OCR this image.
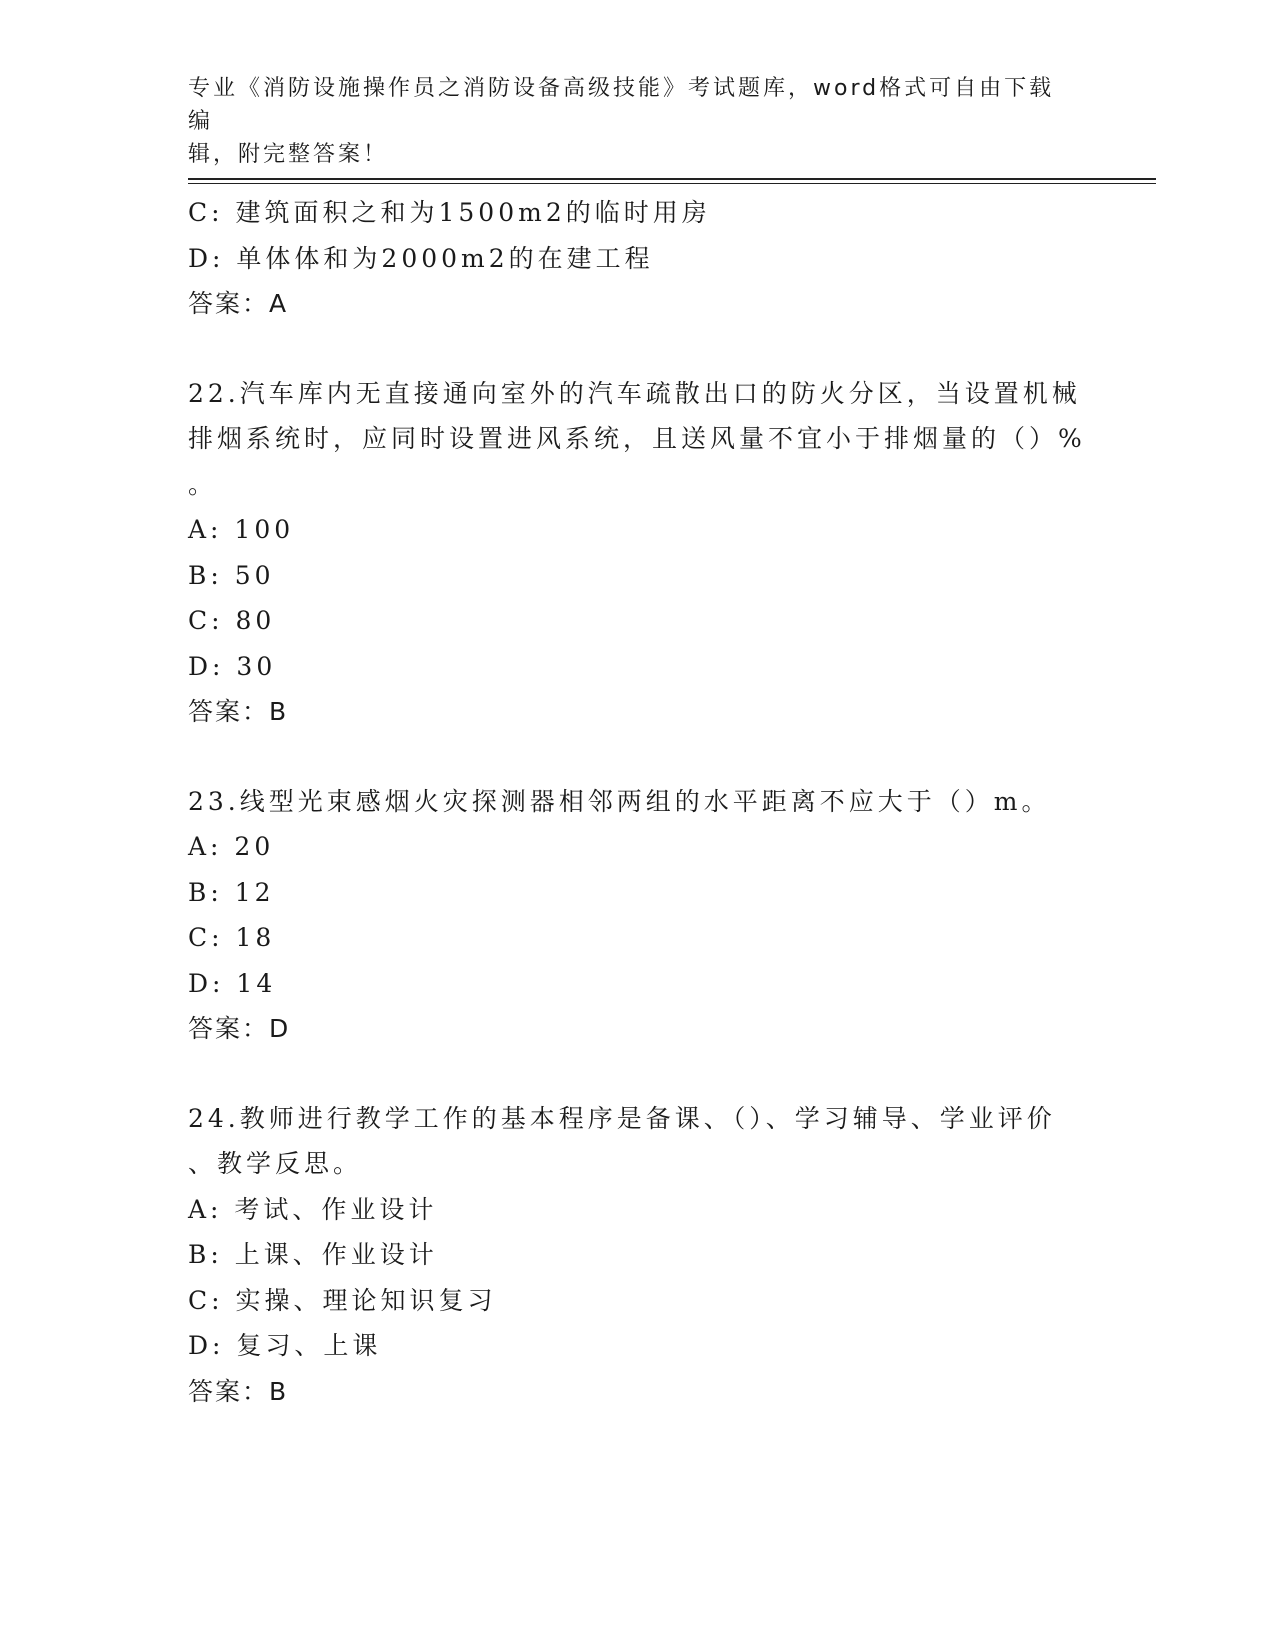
专业《消防设施操作员之消防设备高级技能》考试题库，word格式可自由下载编
辑，附完整答案！
C: 建筑面积之和为1500m2的临时用房
D: 单体体和为2000m2的在建工程
答案：A
22.汽车库内无直接通向室外的汽车疏散出口的防火分区，当设置机械
排烟系统时，应同时设置进风系统，且送风量不宜小于排烟量的（）%
。
A: 100
B: 50
C: 80
D: 30
答案：B
23.线型光束感烟火灾探测器相邻两组的水平距离不应大于（）m。
A: 20
B: 12
C: 18
D: 14
答案：D
24.教师进行教学工作的基本程序是备课、（）、学习辅导、学业评价
、教学反思。
A: 考试、作业设计
B: 上课、作业设计
C: 实操、理论知识复习
D: 复习、上课
答案：B
